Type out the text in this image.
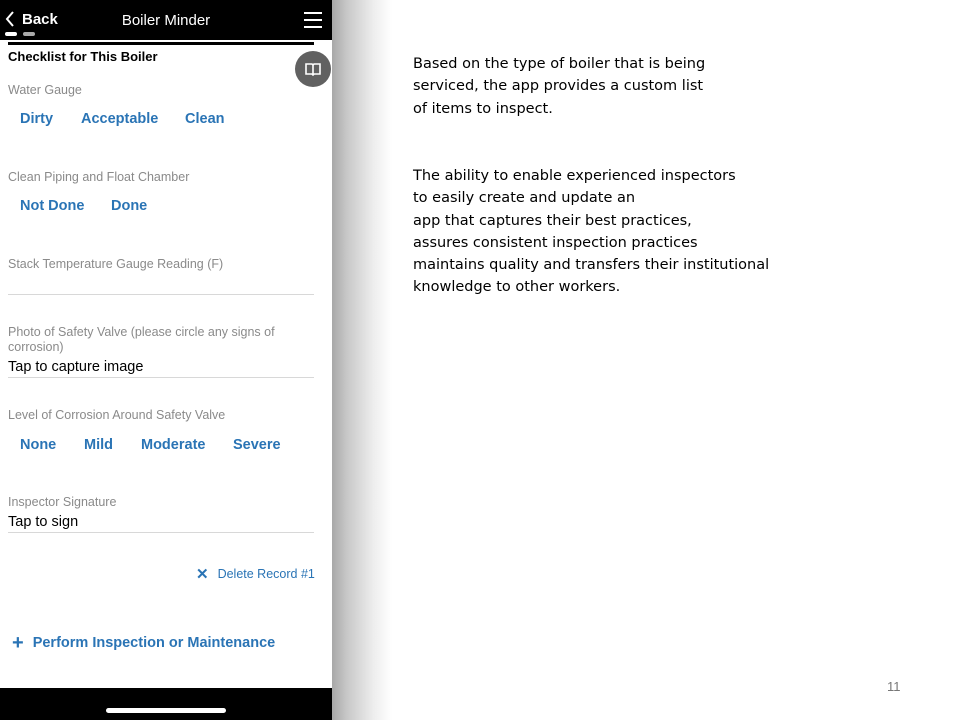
Back	Boiler Minder
Checklist for This Boiler
Water Gauge
Dirty	Acceptable	Clean
Clean Piping and Float Chamber
Not Done	Done
Stack Temperature Gauge Reading (F)
Photo of Safety Valve (please circle any signs of
corrosion)
Tap to capture image
Level of Corrosion Around Safety Valve
None	Mild	Moderate	Severe
Inspector Signature
Tap to sign
✕ Delete Record #1
+ Perform Inspection or Maintenance
Based on the type of boiler that is being
serviced, the app provides a custom list
of items to inspect.
The ability to enable experienced inspectors
to easily create and update an
app that captures their best practices,
assures consistent inspection practices
maintains quality and transfers their institutional
knowledge to other workers.
11
